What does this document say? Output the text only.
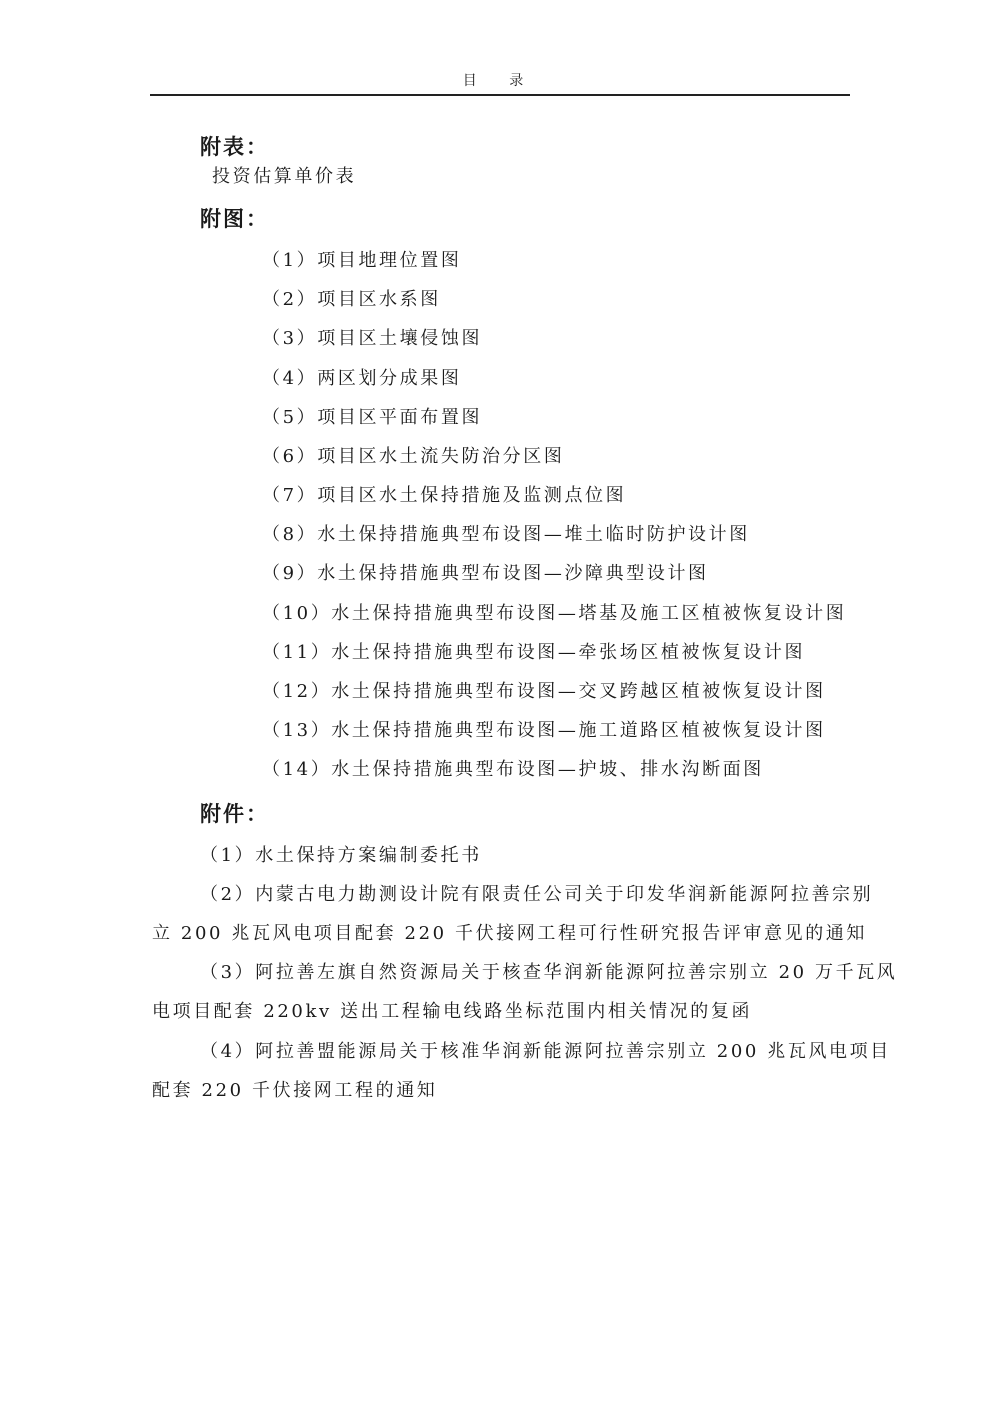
目 录
附表：
投资估算单价表
附图：
（1）项目地理位置图
（2）项目区水系图
（3）项目区土壤侵蚀图
（4）两区划分成果图
（5）项目区平面布置图
（6）项目区水土流失防治分区图
（7）项目区水土保持措施及监测点位图
（8）水土保持措施典型布设图—堆土临时防护设计图
（9）水土保持措施典型布设图—沙障典型设计图
（10）水土保持措施典型布设图—塔基及施工区植被恢复设计图
（11）水土保持措施典型布设图—牵张场区植被恢复设计图
（12）水土保持措施典型布设图—交叉跨越区植被恢复设计图
（13）水土保持措施典型布设图—施工道路区植被恢复设计图
（14）水土保持措施典型布设图—护坡、排水沟断面图
附件：
（1）水土保持方案编制委托书
（2）内蒙古电力勘测设计院有限责任公司关于印发华润新能源阿拉善宗别
立 200 兆瓦风电项目配套 220 千伏接网工程可行性研究报告评审意见的通知
（3）阿拉善左旗自然资源局关于核查华润新能源阿拉善宗别立 20 万千瓦风
电项目配套 220kv 送出工程输电线路坐标范围内相关情况的复函
（4）阿拉善盟能源局关于核准华润新能源阿拉善宗别立 200 兆瓦风电项目
配套 220 千伏接网工程的通知
